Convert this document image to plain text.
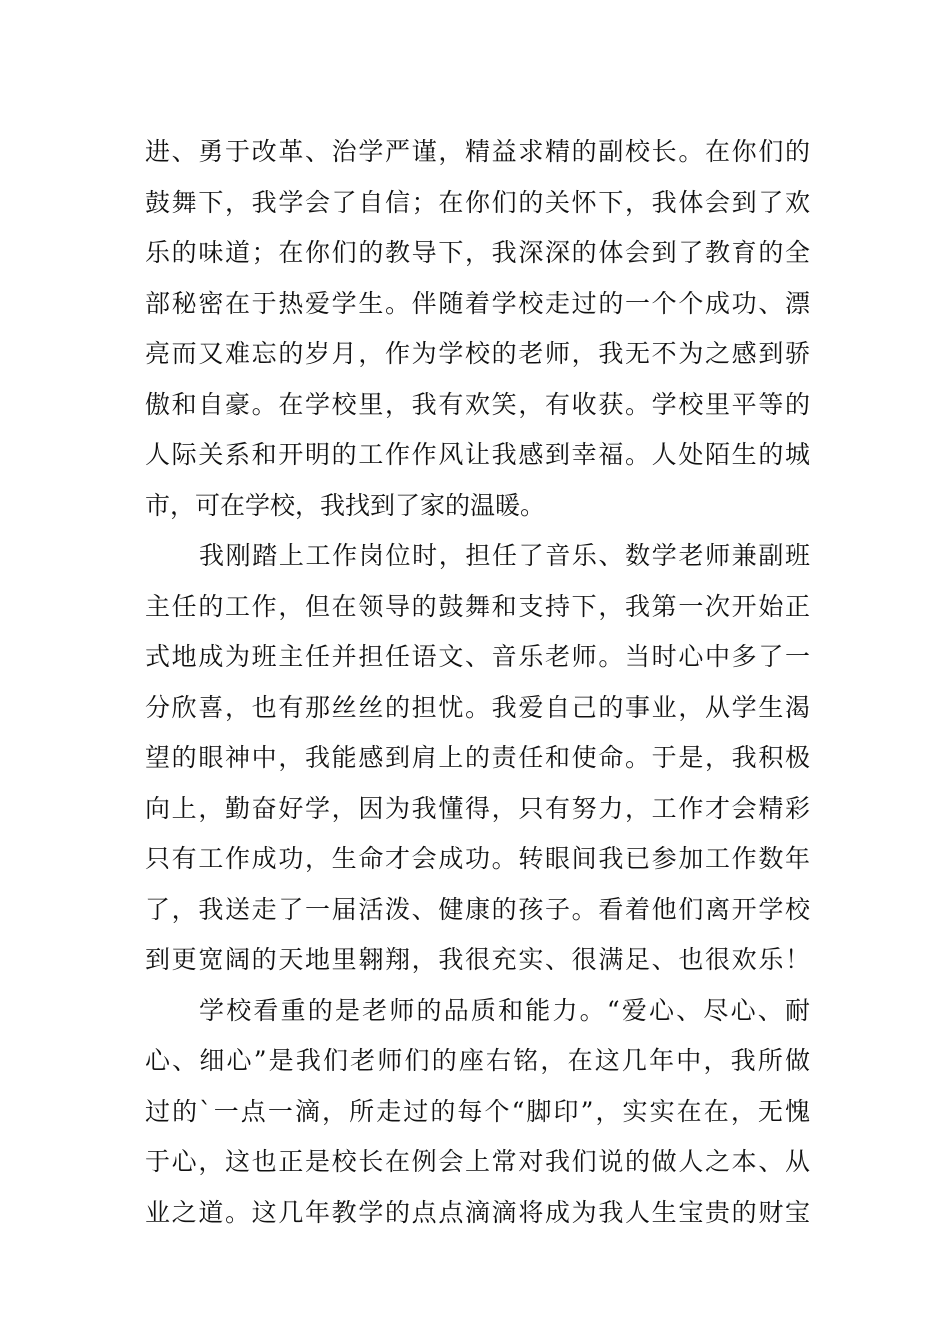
进、勇于改革、治学严谨，精益求精的副校长。在你们的
鼓舞下，我学会了自信；在你们的关怀下，我体会到了欢
乐的味道；在你们的教导下，我深深的体会到了教育的全
部秘密在于热爱学生。伴随着学校走过的一个个成功、漂
亮而又难忘的岁月，作为学校的老师，我无不为之感到骄
傲和自豪。在学校里，我有欢笑，有收获。学校里平等的
人际关系和开明的工作作风让我感到幸福。人处陌生的城
市，可在学校，我找到了家的温暖。
我刚踏上工作岗位时，担任了音乐、数学老师兼副班
主任的工作，但在领导的鼓舞和支持下，我第一次开始正
式地成为班主任并担任语文、音乐老师。当时心中多了一
分欣喜，也有那丝丝的担忧。我爱自己的事业，从学生渴
望的眼神中，我能感到肩上的责任和使命。于是，我积极
向上，勤奋好学，因为我懂得，只有努力，工作才会精彩
只有工作成功，生命才会成功。转眼间我已参加工作数年
了，我送走了一届活泼、健康的孩子。看着他们离开学校
到更宽阔的天地里翱翔，我很充实、很满足、也很欢乐！
学校看重的是老师的品质和能力。“爱心、尽心、耐
心、细心”是我们老师们的座右铭，在这几年中，我所做
过的`一点一滴，所走过的每个“脚印”，实实在在，无愧
于心，这也正是校长在例会上常对我们说的做人之本、从
业之道。这几年教学的点点滴滴将成为我人生宝贵的财宝
